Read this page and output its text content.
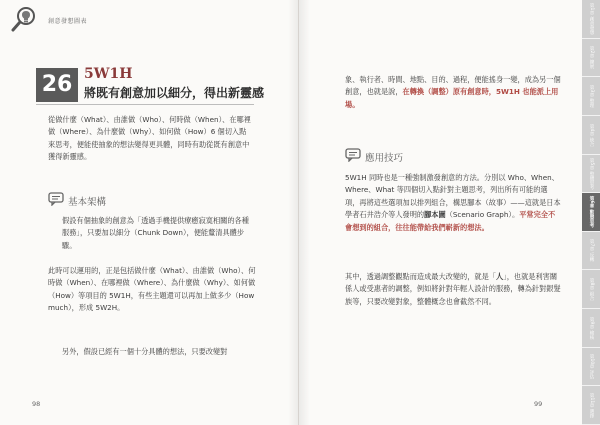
創意發想圖表
26 5W1H
將既有創意加以細分，得出新靈感

從做什麼（What）、由誰做（Who）、何時做（When）、在哪裡做（Where）、為什麼做（Why）、如何做（How）6 個切入點來思考，便能使抽象的想法變得更具體，同時有助從既有創意中獲得新靈感。

基本架構

假設有個抽象的創意為「透過手機提供療癒寂寞相關的各種服務」，只要加以細分（Chunk Down），便能釐清具體步驟。

此時可以運用的，正是包括做什麼（What）、由誰做（Who）、何時做（When）、在哪裡做（Where）、為什麼做（Why）、如何做（How）等項目的 5W1H，有些主題還可以再加上做多少（How much），形成 5W2H。

另外，假設已經有一個十分具體的想法，只要改變對

98

象、執行者、時間、地點、目的、過程，便能搖身一變，成為另一個創意，也就是說，在轉換（調整）原有創意時，5W1H 也能派上用場。

應用技巧

5W1H 同時也是一種強制激發創意的方法。分別以 Who、When、Where、What 等四個切入點針對主題思考，列出所有可能的選項，再將這些選項加以排列組合，構思腳本（故事）——這就是日本學者石井浩介等人發明的腳本圖（Scenario Graph）。平常完全不會想到的組合，往往能帶給我們嶄新的想法。

其中，透過調整觀點而造成最大改變的，就是「人」，也就是利害關係人或受惠者的調整，例如將針對年輕人設計的服務，轉為針對銀髮族等，只要改變對象，整體概念也會截然不同。

99
第1章 創意發想
第2章 擴展
第3章 整理
第4章 統合
第5章 整體思考
第6章 動態思考
第7章 反轉
第8章 組合
第9章 檢核
第10章 評估
第11章 選擇
